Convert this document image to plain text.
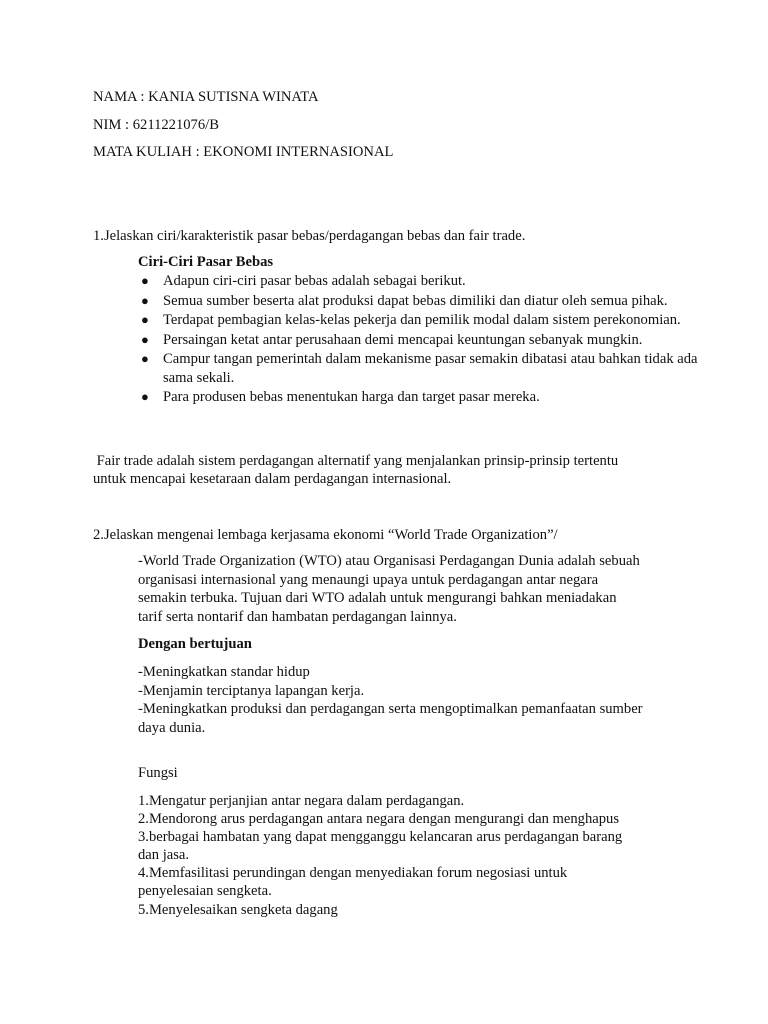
NAMA : KANIA SUTISNA WINATA
NIM : 6211221076/B
MATA KULIAH : EKONOMI INTERNASIONAL
1.Jelaskan ciri/karakteristik pasar bebas/perdagangan bebas dan fair trade.
Ciri-Ciri Pasar Bebas
● Adapun ciri-ciri pasar bebas adalah sebagai berikut.
● Semua sumber beserta alat produksi dapat bebas dimiliki dan diatur oleh semua pihak.
● Terdapat pembagian kelas-kelas pekerja dan pemilik modal dalam sistem perekonomian.
● Persaingan ketat antar perusahaan demi mencapai keuntungan sebanyak mungkin.
● Campur tangan pemerintah dalam mekanisme pasar semakin dibatasi atau bahkan tidak ada sama sekali.
● Para produsen bebas menentukan harga dan target pasar mereka.
Fair trade adalah sistem perdagangan alternatif yang menjalankan prinsip-prinsip tertentu
untuk mencapai kesetaraan dalam perdagangan internasional.
2.Jelaskan mengenai lembaga kerjasama ekonomi “World Trade Organization”/
-World Trade Organization (WTO) atau Organisasi Perdagangan Dunia adalah sebuah
organisasi internasional yang menaungi upaya untuk perdagangan antar negara
semakin terbuka. Tujuan dari WTO adalah untuk mengurangi bahkan meniadakan
tarif serta nontarif dan hambatan perdagangan lainnya.
Dengan bertujuan
-Meningkatkan standar hidup
-Menjamin terciptanya lapangan kerja.
-Meningkatkan produksi dan perdagangan serta mengoptimalkan pemanfaatan sumber
daya dunia.
Fungsi
1.Mengatur perjanjian antar negara dalam perdagangan.
2.Mendorong arus perdagangan antara negara dengan mengurangi dan menghapus
3.berbagai hambatan yang dapat mengganggu kelancaran arus perdagangan barang
dan jasa.
4.Memfasilitasi perundingan dengan menyediakan forum negosiasi untuk
penyelesaian sengketa.
5.Menyelesaikan sengketa dagang
